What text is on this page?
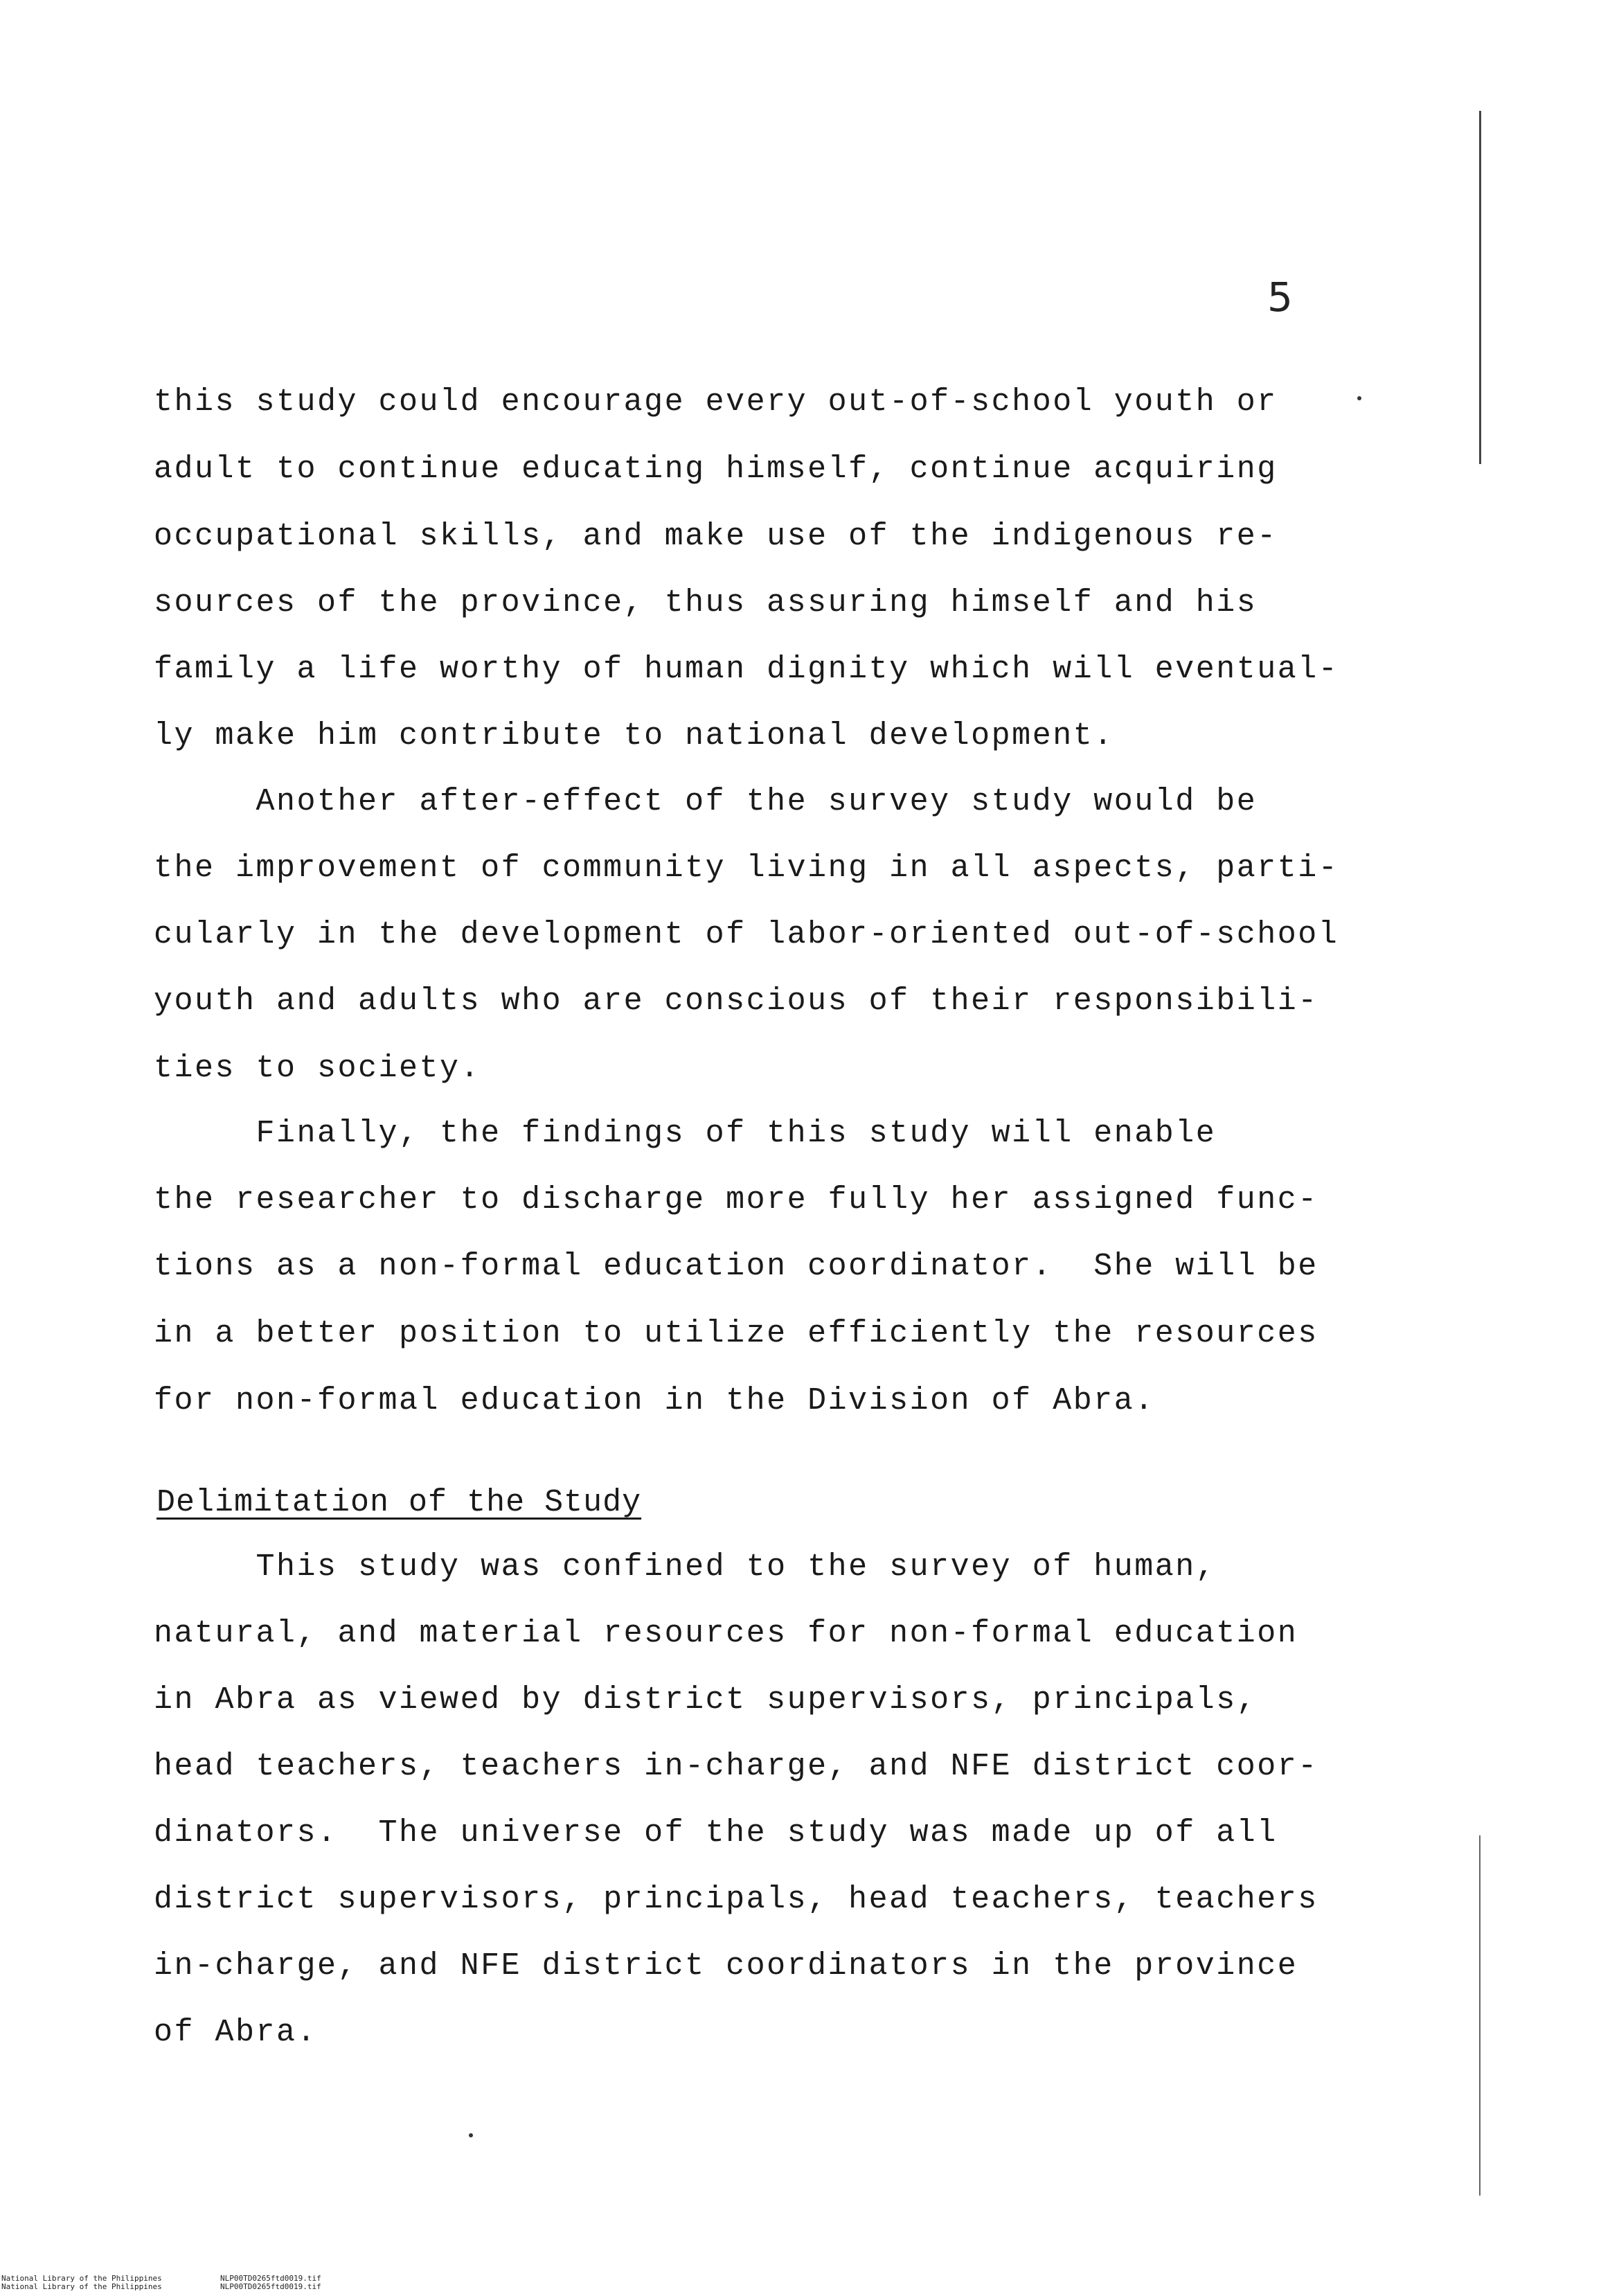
5
this study could encourage every out-of-school youth or
adult to continue educating himself, continue acquiring
occupational skills, and make use of the indigenous re-
sources of the province, thus assuring himself and his
family a life worthy of human dignity which will eventual-
ly make him contribute to national development.
Another after-effect of the survey study would be
the improvement of community living in all aspects, parti-
cularly in the development of labor-oriented out-of-school
youth and adults who are conscious of their responsibili-
ties to society.
Finally, the findings of this study will enable
the researcher to discharge more fully her assigned func-
tions as a non-formal education coordinator.  She will be
in a better position to utilize efficiently the resources
for non-formal education in the Division of Abra.
Delimitation of the Study
This study was confined to the survey of human,
natural, and material resources for non-formal education
in Abra as viewed by district supervisors, principals,
head teachers, teachers in-charge, and NFE district coor-
dinators.  The universe of the study was made up of all
district supervisors, principals, head teachers, teachers
in-charge, and NFE district coordinators in the province
of Abra.
National Library of the Philippines
National Library of the Philippines
NLP00TD0265ftd0019.tif
NLP00TD0265ftd0019.tif
